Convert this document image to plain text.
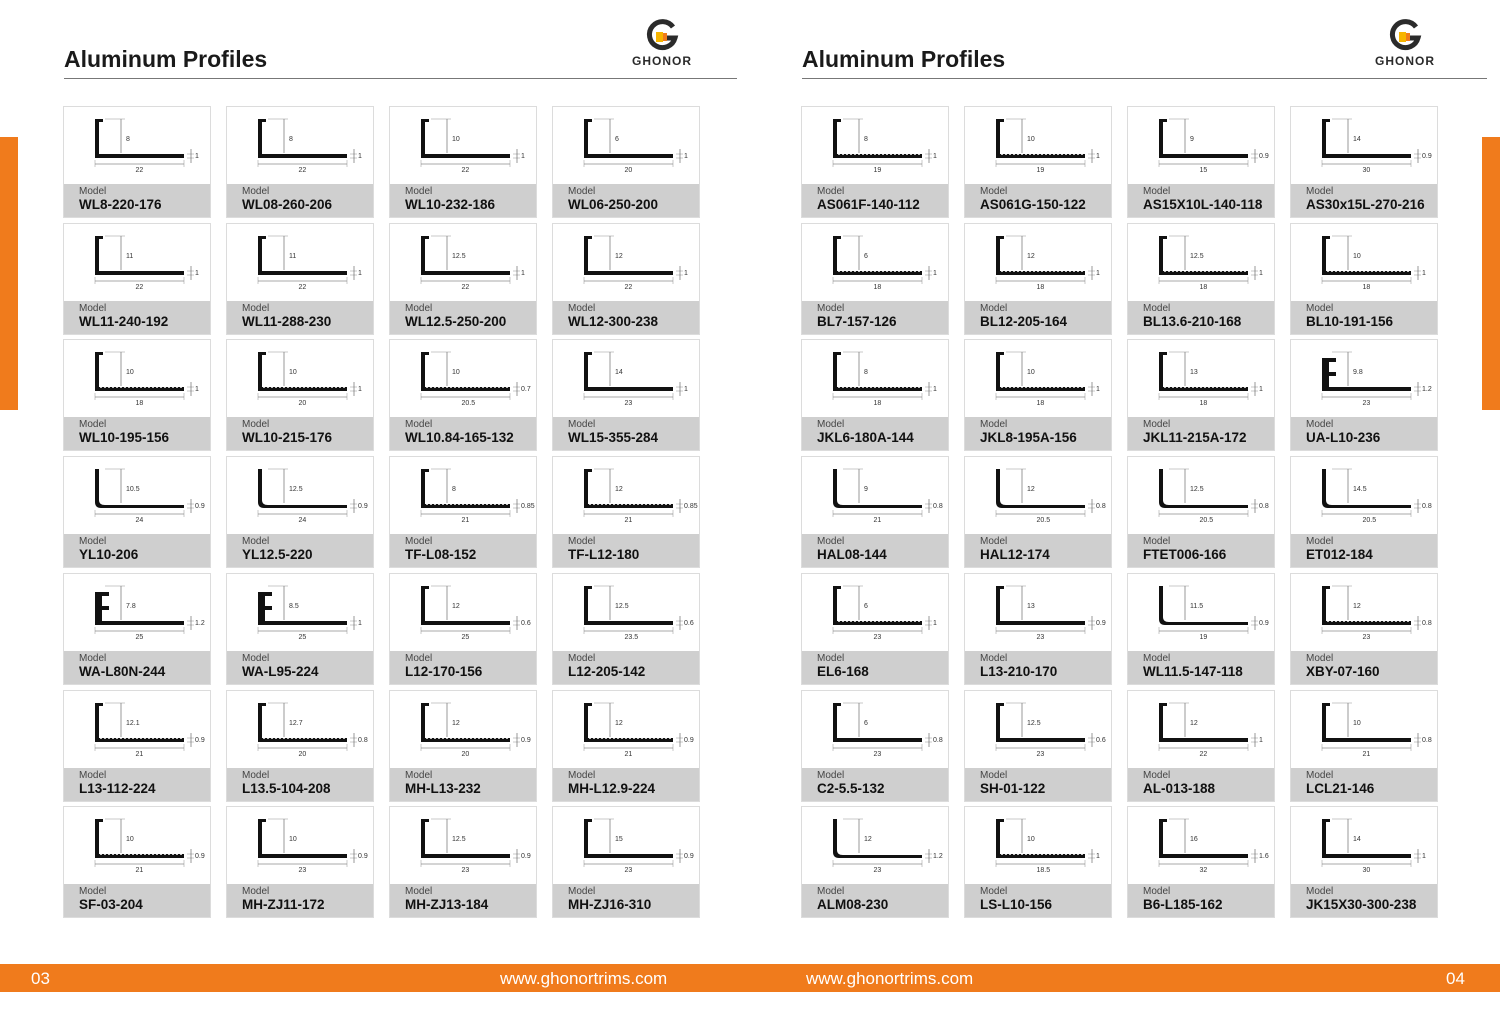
Aluminum Profiles	GHONOR
8
22
1
Model
WL8-220-176
8
22
1
Model
WL08-260-206
10
22
1
Model
WL10-232-186
6
20
1
Model
WL06-250-200
11
22
1
Model
WL11-240-192
11
22
1
Model
WL11-288-230
12.5
22
1
Model
WL12.5-250-200
12
22
1
Model
WL12-300-238
10
18
1
Model
WL10-195-156
10
20
1
Model
WL10-215-176
10
20.5
0.7
Model
WL10.84-165-132
14
23
1
Model
WL15-355-284
10.5
24
0.9
Model
YL10-206
12.5
24
0.9
Model
YL12.5-220
8
21
0.85
Model
TF-L08-152
12
21
0.85
Model
TF-L12-180
7.8
25
1.2
Model
WA-L80N-244
8.5
25
1
Model
WA-L95-224
12
25
0.6
Model
L12-170-156
12.5
23.5
0.6
Model
L12-205-142
12.1
21
0.9
Model
L13-112-224
12.7
20
0.8
Model
L13.5-104-208
12
20
0.9
Model
MH-L13-232
12
21
0.9
Model
MH-L12.9-224
10
21
0.9
Model
SF-03-204
10
23
0.9
Model
MH-ZJ11-172
12.5
23
0.9
Model
MH-ZJ13-184
15
23
0.9
Model
MH-ZJ16-310
Aluminum Profiles	GHONOR
8
19
1
Model
AS061F-140-112
10
19
1
Model
AS061G-150-122
9
15
0.9
Model
AS15X10L-140-118
14
30
0.9
Model
AS30x15L-270-216
6
18
1
Model
BL7-157-126
12
18
1
Model
BL12-205-164
12.5
18
1
Model
BL13.6-210-168
10
18
1
Model
BL10-191-156
8
18
1
Model
JKL6-180A-144
10
18
1
Model
JKL8-195A-156
13
18
1
Model
JKL11-215A-172
9.8
23
1.2
Model
UA-L10-236
9
21
0.8
Model
HAL08-144
12
20.5
0.8
Model
HAL12-174
12.5
20.5
0.8
Model
FTET006-166
14.5
20.5
0.8
Model
ET012-184
6
23
1
Model
EL6-168
13
23
0.9
Model
L13-210-170
11.5
19
0.9
Model
WL11.5-147-118
12
23
0.8
Model
XBY-07-160
6
23
0.8
Model
C2-5.5-132
12.5
23
0.6
Model
SH-01-122
12
22
1
Model
AL-013-188
10
21
0.8
Model
LCL21-146
12
23
1.2
Model
ALM08-230
10
18.5
1
Model
LS-L10-156
16
32
1.6
Model
B6-L185-162
14
30
1
Model
JK15X30-300-238
03	www.ghonortrims.com	www.ghonortrims.com	04
